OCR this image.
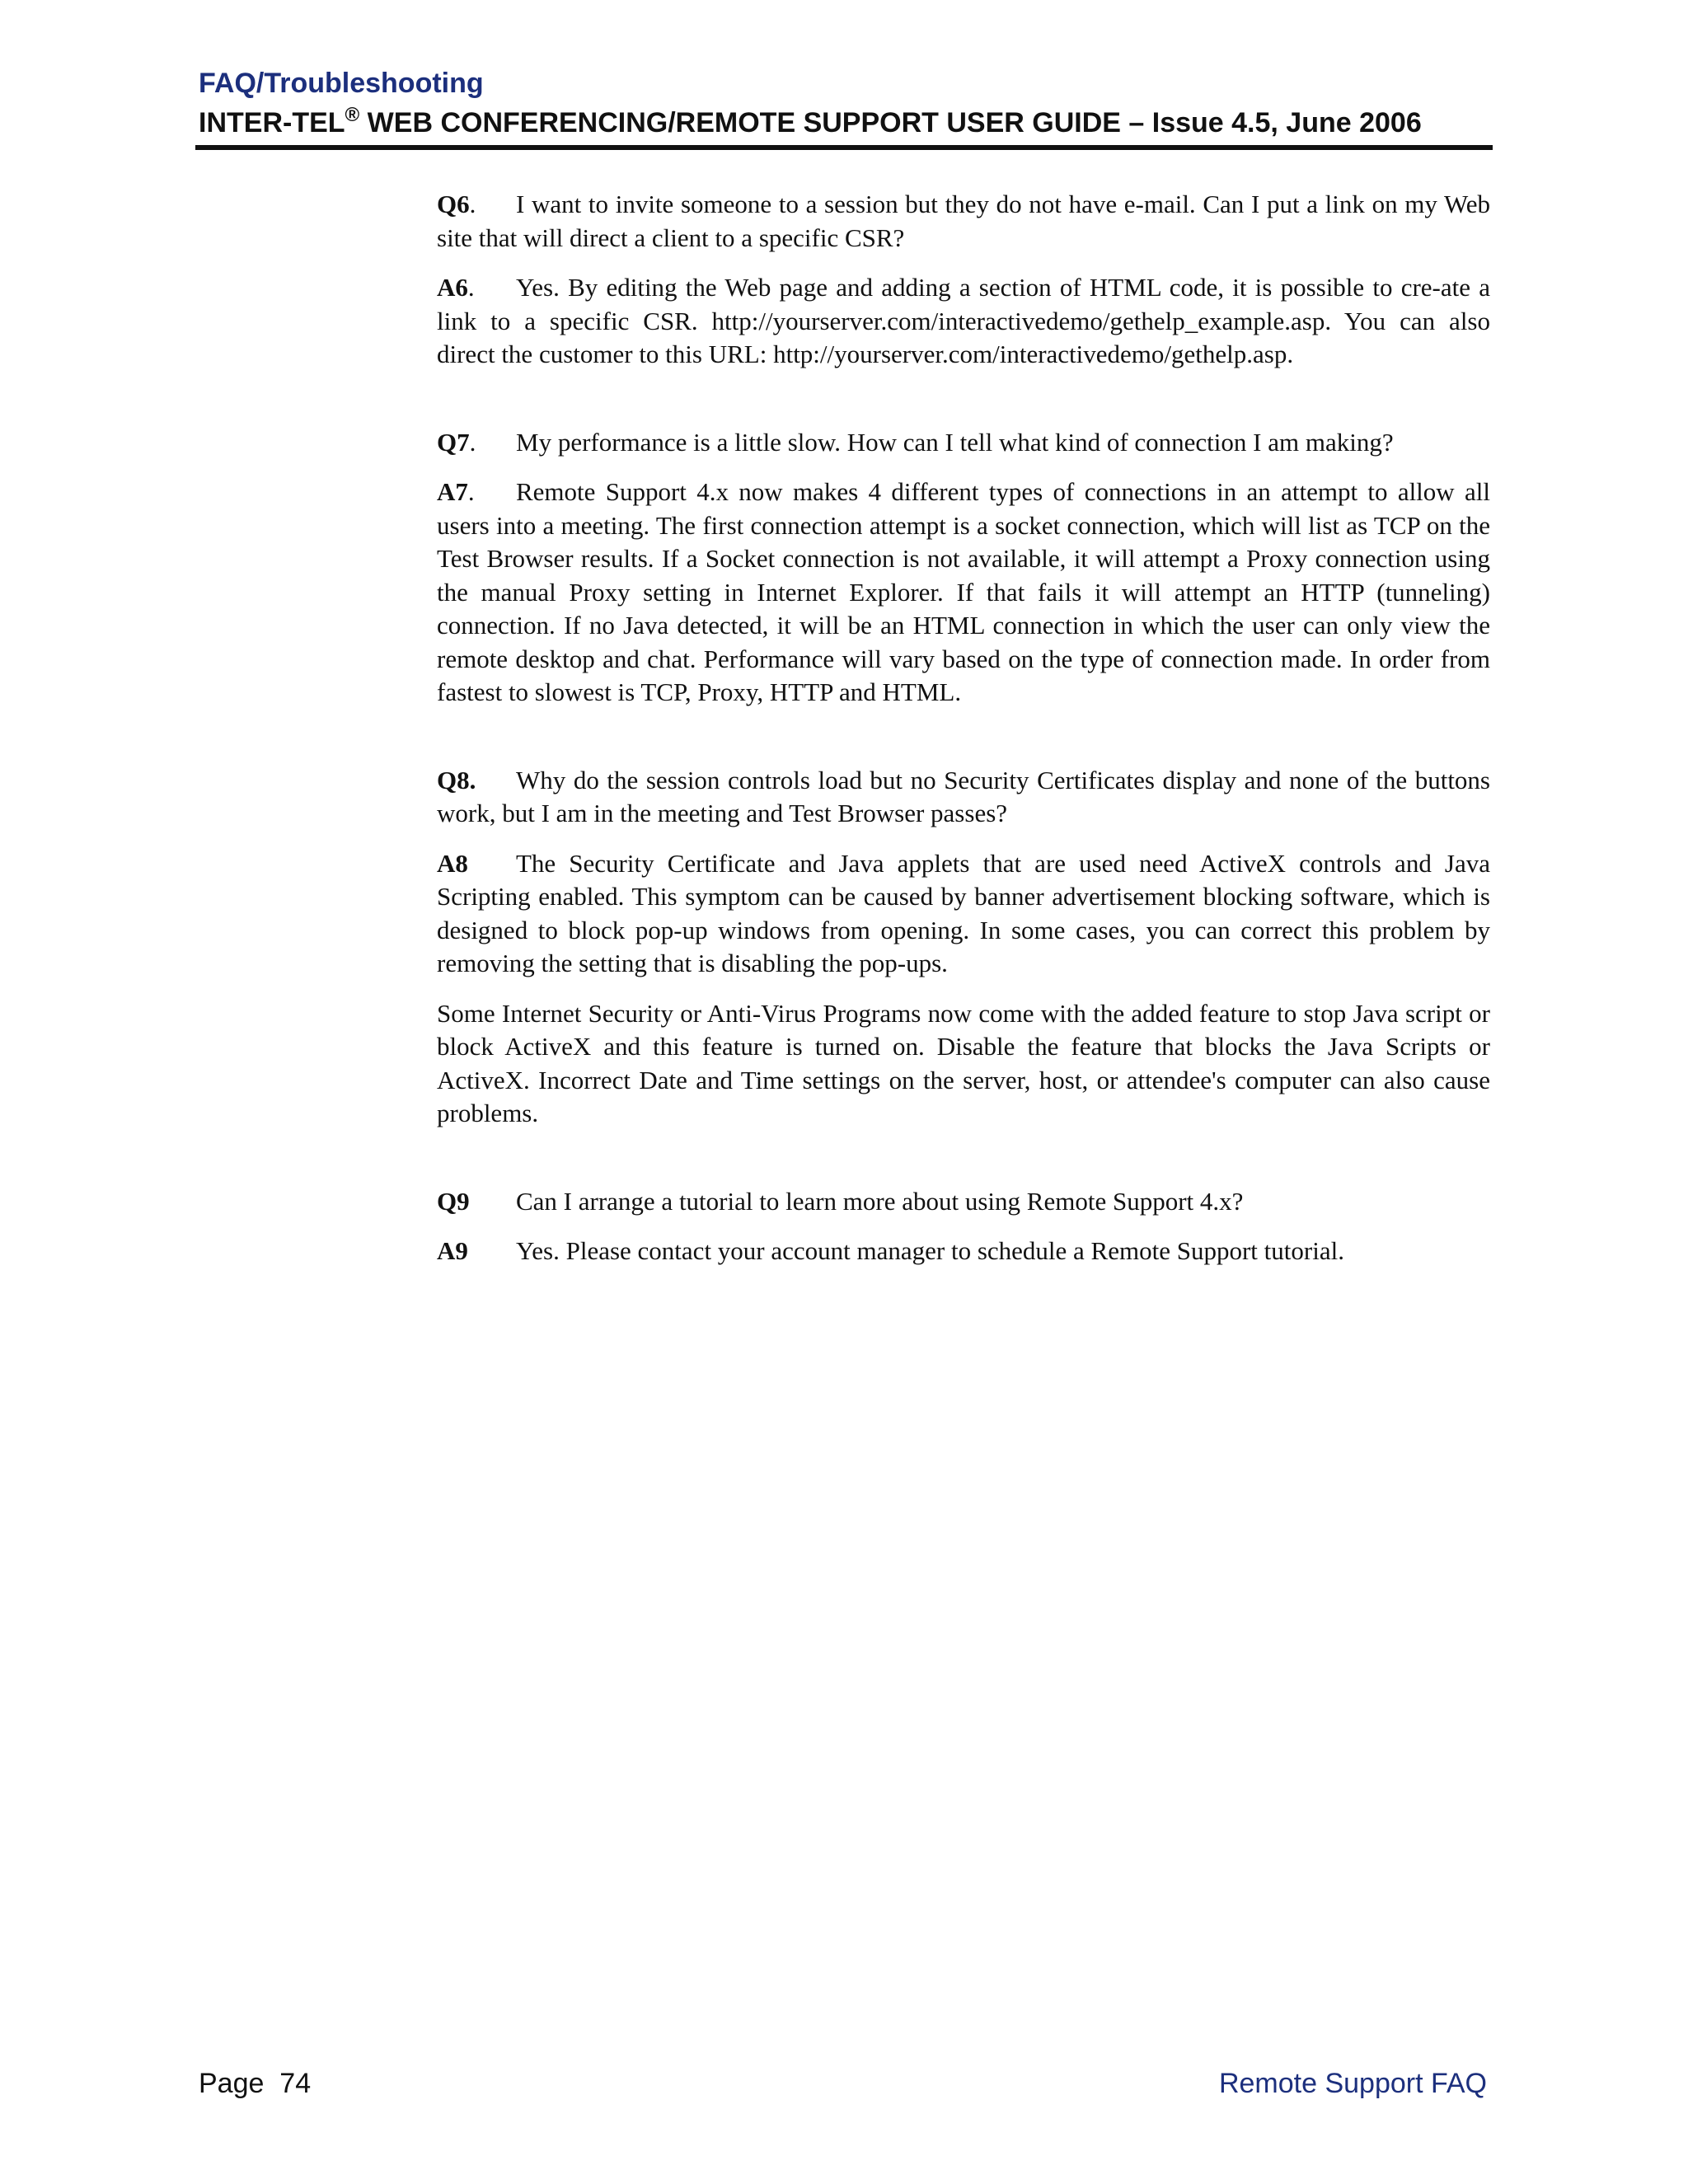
FAQ/Troubleshooting
INTER-TEL® WEB CONFERENCING/REMOTE SUPPORT USER GUIDE – Issue 4.5, June 2006

Q6. I want to invite someone to a session but they do not have e-mail. Can I put a link on my Web site that will direct a client to a specific CSR?

A6. Yes. By editing the Web page and adding a section of HTML code, it is possible to cre-ate a link to a specific CSR. http://yourserver.com/interactivedemo/gethelp_example.asp. You can also direct the customer to this URL: http://yourserver.com/interactivedemo/gethelp.asp.

Q7. My performance is a little slow. How can I tell what kind of connection I am making?

A7. Remote Support 4.x now makes 4 different types of connections in an attempt to allow all users into a meeting. The first connection attempt is a socket connection, which will list as TCP on the Test Browser results. If a Socket connection is not available, it will attempt a Proxy connection using the manual Proxy setting in Internet Explorer. If that fails it will attempt an HTTP (tunneling) connection. If no Java detected, it will be an HTML connection in which the user can only view the remote desktop and chat. Performance will vary based on the type of connection made. In order from fastest to slowest is TCP, Proxy, HTTP and HTML.

Q8. Why do the session controls load but no Security Certificates display and none of the buttons work, but I am in the meeting and Test Browser passes?

A8 The Security Certificate and Java applets that are used need ActiveX controls and Java Scripting enabled. This symptom can be caused by banner advertisement blocking software, which is designed to block pop-up windows from opening. In some cases, you can correct this problem by removing the setting that is disabling the pop-ups.

Some Internet Security or Anti-Virus Programs now come with the added feature to stop Java script or block ActiveX and this feature is turned on. Disable the feature that blocks the Java Scripts or ActiveX. Incorrect Date and Time settings on the server, host, or attendee's computer can also cause problems.

Q9 Can I arrange a tutorial to learn more about using Remote Support 4.x?

A9 Yes. Please contact your account manager to schedule a Remote Support tutorial.

Page  74	Remote Support FAQ
